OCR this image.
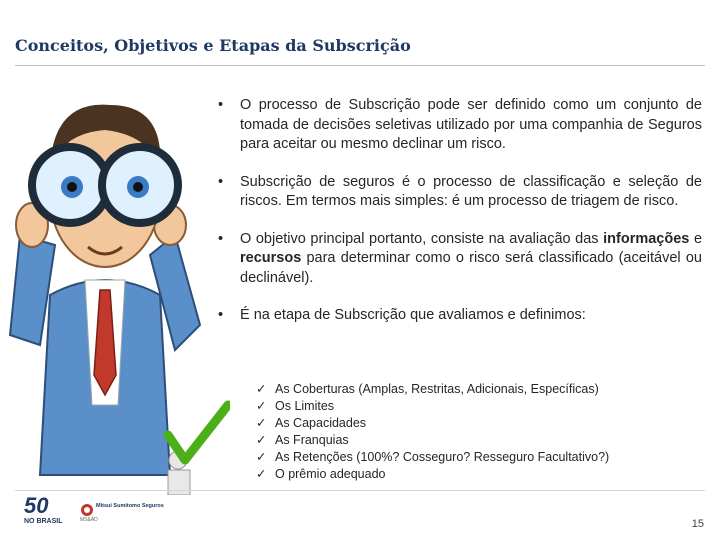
Conceitos, Objetivos e Etapas da Subscrição
•	O processo de Subscrição pode ser definido como um conjunto de tomada de decisões seletivas utilizado por uma companhia de Seguros para aceitar ou mesmo declinar um risco.
•	Subscrição de seguros é o processo de classificação e seleção de riscos. Em termos mais simples: é um processo de triagem de risco.
•	O objetivo principal portanto, consiste na avaliação das informações e recursos para determinar como o risco será classificado (aceitável ou declinável).
•	É na etapa de Subscrição que avaliamos e definimos:
✓ As Coberturas (Amplas, Restritas, Adicionais, Específicas)
✓ Os Limites
✓ As Capacidades
✓ As Franquias
✓ As Retenções (100%? Cosseguro? Resseguro Facultativo?)
✓ O prêmio adequado
50
NO BRASIL
Mitsui Sumitomo Seguros
MS&AD	15
